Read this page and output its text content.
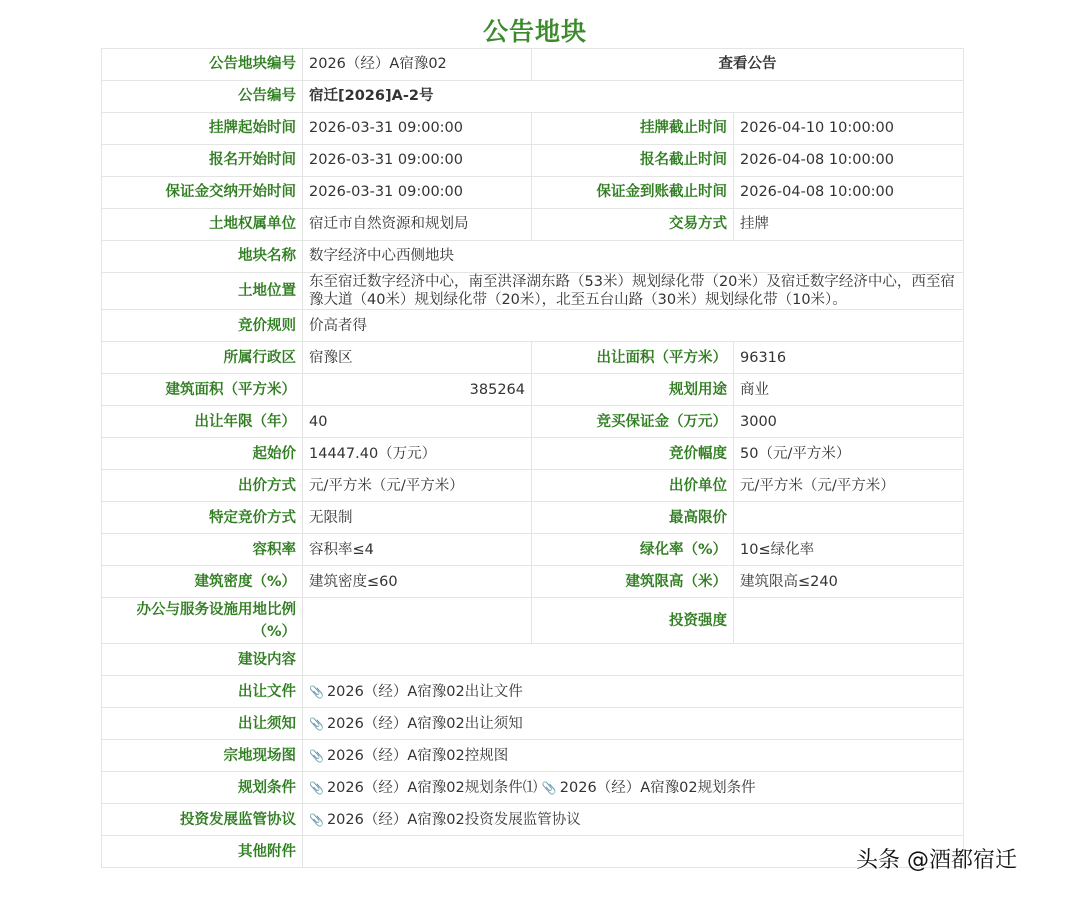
公告地块
公告地块编号	2026（经）A宿豫02	查看公告	
公告编号	宿迁[2026]A-2号		
挂牌起始时间	2026-03-31 09:00:00	挂牌截止时间	2026-04-10 10:00:00
报名开始时间	2026-03-31 09:00:00	报名截止时间	2026-04-08 10:00:00
保证金交纳开始时间	2026-03-31 09:00:00	保证金到账截止时间	2026-04-08 10:00:00
土地权属单位	宿迁市自然资源和规划局	交易方式	挂牌
地块名称	数字经济中心西侧地块		
土地位置	东至宿迁数字经济中心，南至洪泽湖东路（53米）规划绿化带（20米）及宿迁数字经济中心，西至宿豫大道（40米）规划绿化带（20米），北至五台山路（30米）规划绿化带（10米）。		
竞价规则	价高者得		
所属行政区	宿豫区	出让面积（平方米）	96316
建筑面积（平方米）	385264	规划用途	商业
出让年限（年）	40	竞买保证金（万元）	3000
起始价	14447.40（万元）	竞价幅度	50（元/平方米）
出价方式	元/平方米（元/平方米）	出价单位	元/平方米（元/平方米）
特定竞价方式	无限制	最高限价	
容积率	容积率≤4	绿化率（%）	10≤绿化率
建筑密度（%）	建筑密度≤60	建筑限高（米）	建筑限高≤240
办公与服务设施用地比例（%）		投资强度	
建设内容			
出让文件	📎 2026（经）A宿豫02出让文件		
出让须知	📎 2026（经）A宿豫02出让须知		
宗地现场图	📎 2026（经）A宿豫02控规图		
规划条件	📎 2026（经）A宿豫02规划条件⑴ 📎 2026（经）A宿豫02规划条件		
投资发展监管协议	📎 2026（经）A宿豫02投资发展监管协议		
其他附件				头条 @酒都宿迁
